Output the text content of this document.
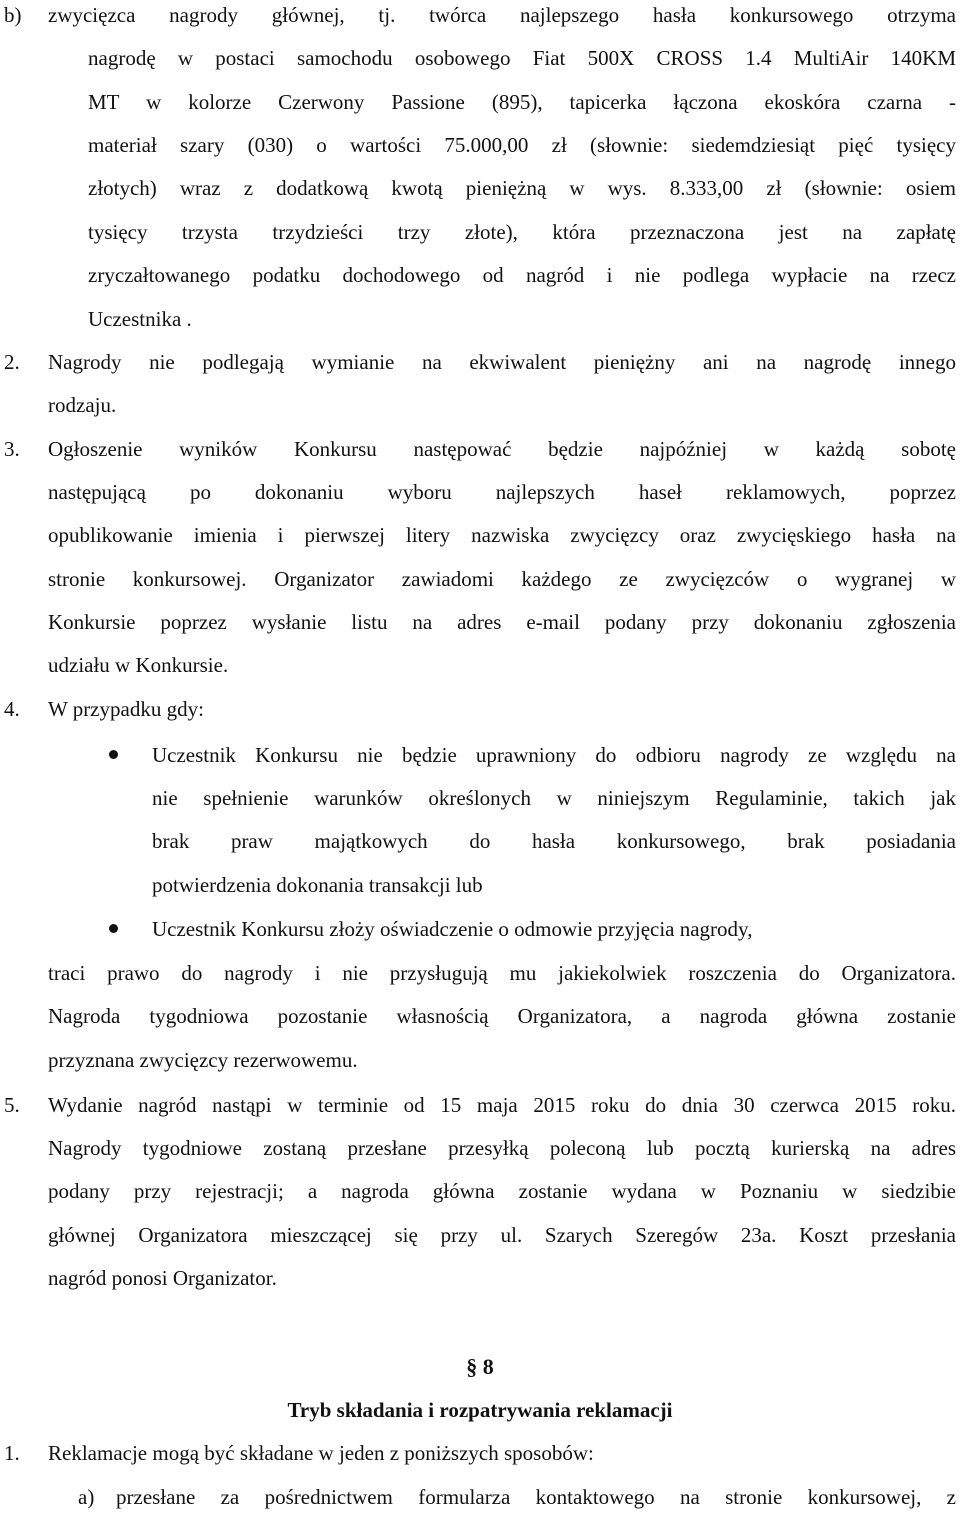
b) zwycięzca nagrody głównej, tj. twórca najlepszego hasła konkursowego otrzyma
nagrodę w postaci samochodu osobowego Fiat 500X CROSS 1.4 MultiAir 140KM
MT w kolorze Czerwony Passione (895), tapicerka łączona ekoskóra czarna -
materiał szary (030) o wartości 75.000,00 zł (słownie: siedemdziesiąt pięć tysięcy
złotych) wraz z dodatkową kwotą pieniężną w wys. 8.333,00 zł (słownie: osiem
tysięcy trzysta trzydzieści trzy złote), która przeznaczona jest na zapłatę
zryczałtowanego podatku dochodowego od nagród i nie podlega wypłacie na rzecz
Uczestnika .
2. Nagrody nie podlegają wymianie na ekwiwalent pieniężny ani na nagrodę innego
rodzaju.
3. Ogłoszenie wyników Konkursu następować będzie najpóźniej w każdą sobotę
następującą po dokonaniu wyboru najlepszych haseł reklamowych, poprzez
opublikowanie imienia i pierwszej litery nazwiska zwycięzcy oraz zwycięskiego hasła na
stronie konkursowej. Organizator zawiadomi każdego ze zwycięzców o wygranej w
Konkursie poprzez wysłanie listu na adres e-mail podany przy dokonaniu zgłoszenia
udziału w Konkursie.
4. W przypadku gdy:
Uczestnik Konkursu nie będzie uprawniony do odbioru nagrody ze względu na
nie spełnienie warunków określonych w niniejszym Regulaminie, takich jak
brak praw majątkowych do hasła konkursowego, brak posiadania
potwierdzenia dokonania transakcji lub
Uczestnik Konkursu złoży oświadczenie o odmowie przyjęcia nagrody,
traci prawo do nagrody i nie przysługują mu jakiekolwiek roszczenia do Organizatora.
Nagroda tygodniowa pozostanie własnością Organizatora, a nagroda główna zostanie
przyznana zwycięzcy rezerwowemu.
5. Wydanie nagród nastąpi w terminie od 15 maja 2015 roku do dnia 30 czerwca 2015 roku.
Nagrody tygodniowe zostaną przesłane przesyłką poleconą lub pocztą kurierską na adres
podany przy rejestracji; a nagroda główna zostanie wydana w Poznaniu w siedzibie
głównej Organizatora mieszczącej się przy ul. Szarych Szeregów 23a. Koszt przesłania
nagród ponosi Organizator.
§ 8
Tryb składania i rozpatrywania reklamacji
1. Reklamacje mogą być składane w jeden z poniższych sposobów:
a) przesłane za pośrednictwem formularza kontaktowego na stronie konkursowej, z
